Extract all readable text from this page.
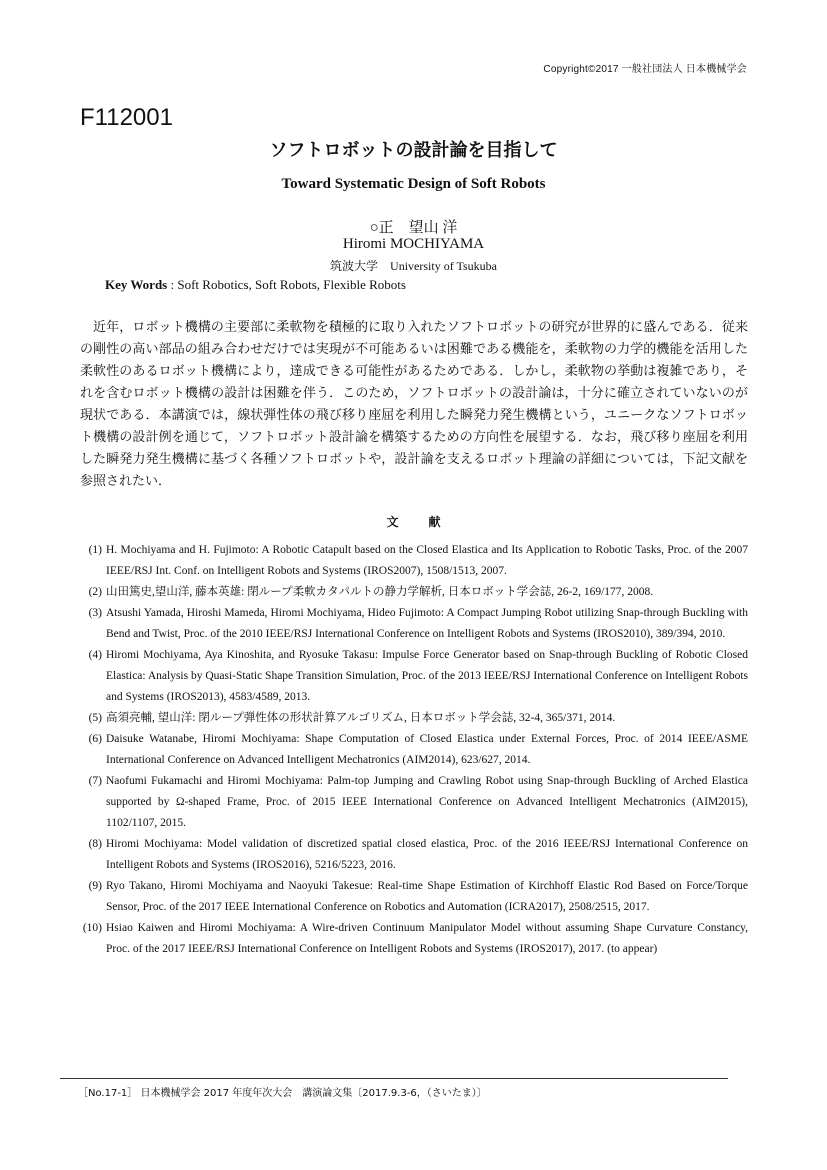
Copyright©2017 一般社団法人 日本機械学会
F112001
ソフトロボットの設計論を目指して
Toward Systematic Design of Soft Robots
○正　望山 洋
Hiromi MOCHIYAMA
筑波大学　University of Tsukuba
Key Words : Soft Robotics, Soft Robots, Flexible Robots

近年，ロボット機構の主要部に柔軟物を積極的に取り入れたソフトロボットの研究が世界的に盛んである．従来の剛性の高い部品の組み合わせだけでは実現が不可能あるいは困難である機能を，柔軟物の力学的機能を活用した柔軟性のあるロボット機構により，達成できる可能性があるためである．しかし，柔軟物の挙動は複雑であり，それを含むロボット機構の設計は困難を伴う．このため，ソフトロボットの設計論は，十分に確立されていないのが現状である．本講演では，線状弾性体の飛び移り座屈を利用した瞬発力発生機構という，ユニークなソフトロボット機構の設計例を通じて，ソフトロボット設計論を構築するための方向性を展望する．なお，飛び移り座屈を利用した瞬発力発生機構に基づく各種ソフトロボットや，設計論を支えるロボット理論の詳細については，下記文献を参照されたい．

文献
(1) H. Mochiyama and H. Fujimoto: A Robotic Catapult based on the Closed Elastica and Its Application to Robotic Tasks, Proc. of the 2007 IEEE/RSJ Int. Conf. on Intelligent Robots and Systems (IROS2007), 1508/1513, 2007.
(2) 山田篤史,望山洋, 藤本英雄: 閉ループ柔軟カタパルトの静力学解析, 日本ロボット学会誌, 26-2, 169/177, 2008.
(3) Atsushi Yamada, Hiroshi Mameda, Hiromi Mochiyama, Hideo Fujimoto: A Compact Jumping Robot utilizing Snap-through Buckling with Bend and Twist, Proc. of the 2010 IEEE/RSJ International Conference on Intelligent Robots and Systems (IROS2010), 389/394, 2010.
(4) Hiromi Mochiyama, Aya Kinoshita, and Ryosuke Takasu: Impulse Force Generator based on Snap-through Buckling of Robotic Closed Elastica: Analysis by Quasi-Static Shape Transition Simulation, Proc. of the 2013 IEEE/RSJ International Conference on Intelligent Robots and Systems (IROS2013), 4583/4589, 2013.
(5) 高須亮輔, 望山洋: 閉ループ弾性体の形状計算アルゴリズム, 日本ロボット学会誌, 32-4, 365/371, 2014.
(6) Daisuke Watanabe, Hiromi Mochiyama: Shape Computation of Closed Elastica under External Forces, Proc. of 2014 IEEE/ASME International Conference on Advanced Intelligent Mechatronics (AIM2014), 623/627, 2014.
(7) Naofumi Fukamachi and Hiromi Mochiyama: Palm-top Jumping and Crawling Robot using Snap-through Buckling of Arched Elastica supported by Ω-shaped Frame, Proc. of 2015 IEEE International Conference on Advanced Intelligent Mechatronics (AIM2015), 1102/1107, 2015.
(8) Hiromi Mochiyama: Model validation of discretized spatial closed elastica, Proc. of the 2016 IEEE/RSJ International Conference on Intelligent Robots and Systems (IROS2016), 5216/5223, 2016.
(9) Ryo Takano, Hiromi Mochiyama and Naoyuki Takesue: Real-time Shape Estimation of Kirchhoff Elastic Rod Based on Force/Torque Sensor, Proc. of the 2017 IEEE International Conference on Robotics and Automation (ICRA2017), 2508/2515, 2017.
(10) Hsiao Kaiwen and Hiromi Mochiyama: A Wire-driven Continuum Manipulator Model without assuming Shape Curvature Constancy, Proc. of the 2017 IEEE/RSJ International Conference on Intelligent Robots and Systems (IROS2017), 2017. (to appear)
［No.17-1］ 日本機械学会 2017 年度年次大会　講演論文集〔2017.9.3-6，（さいたま）〕
